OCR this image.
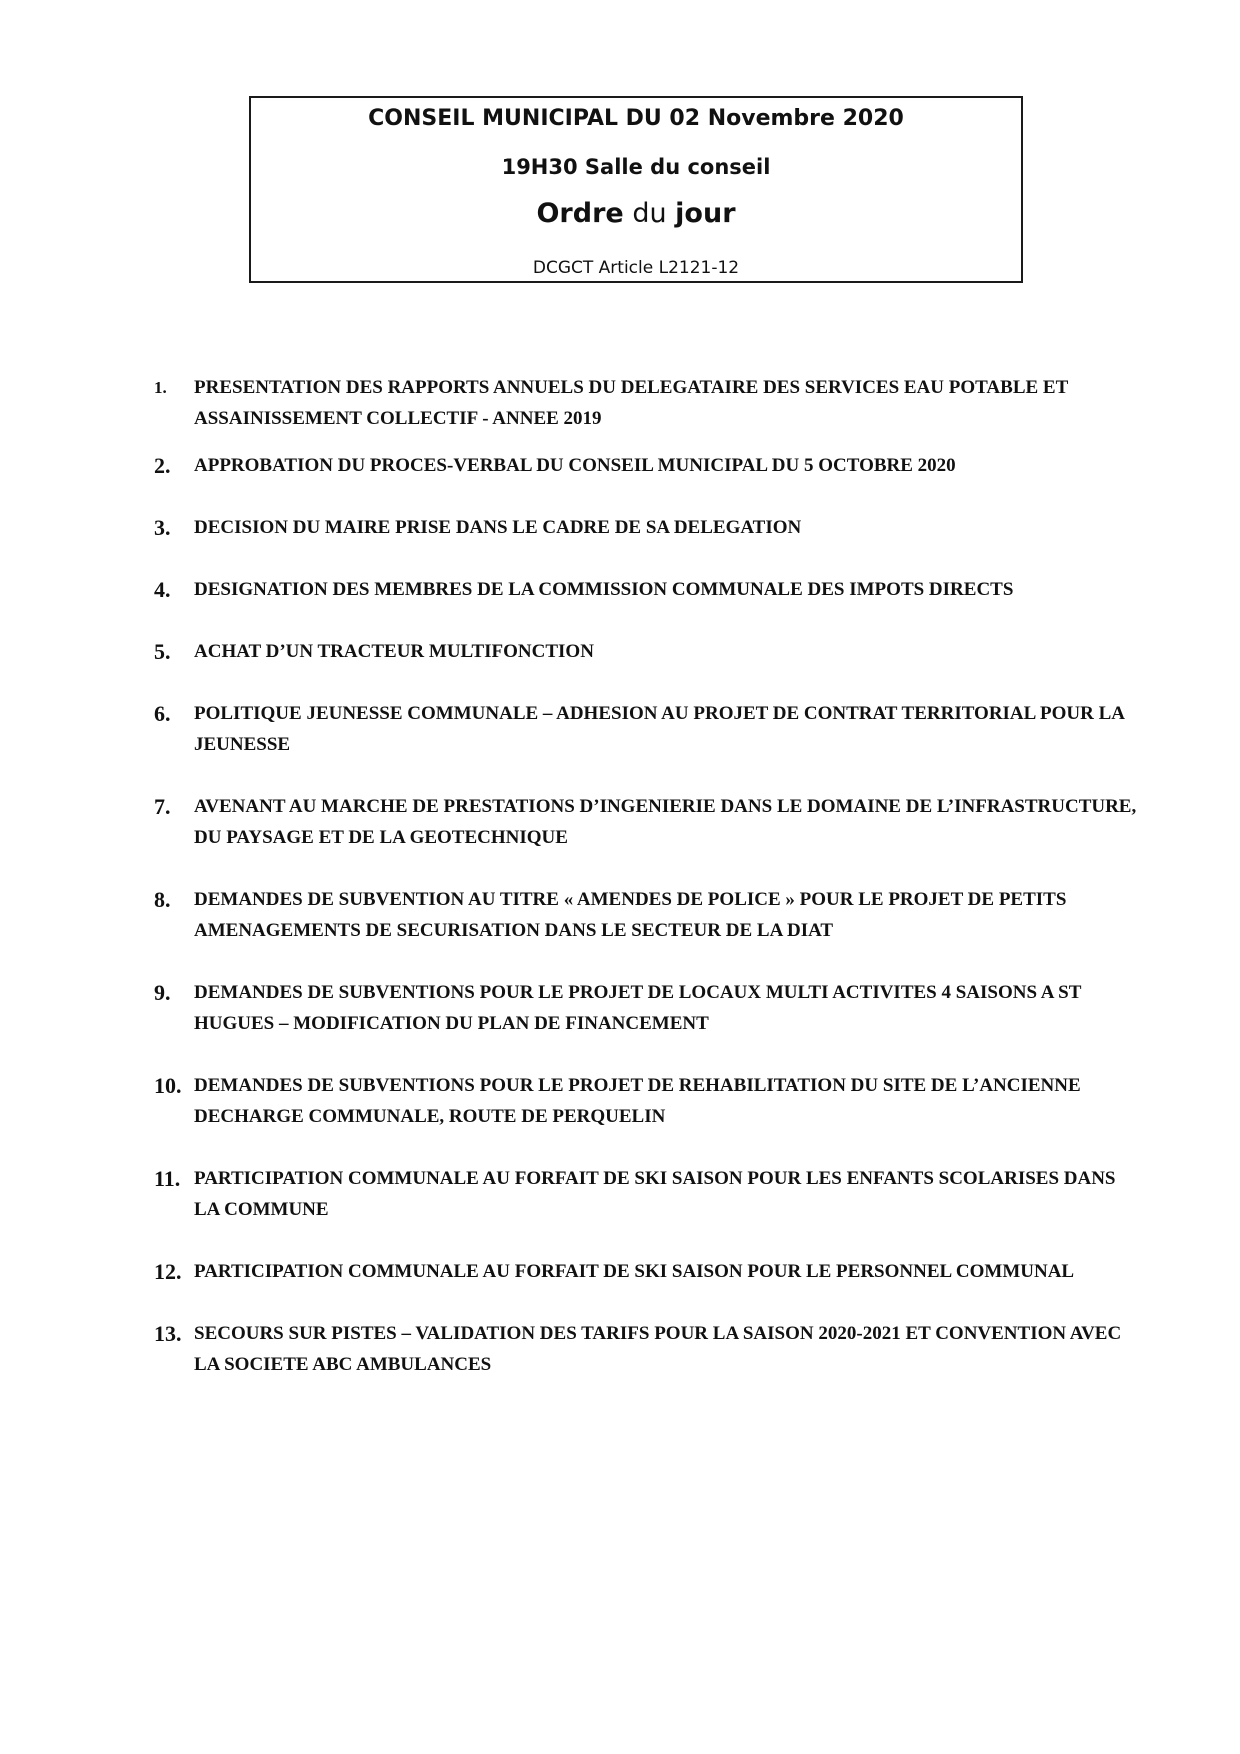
CONSEIL MUNICIPAL DU 02 Novembre 2020
19H30 Salle du conseil
Ordre du jour
DCGCT Article L2121-12
1.	PRESENTATION DES RAPPORTS ANNUELS DU DELEGATAIRE DES SERVICES EAU POTABLE ET ASSAINISSEMENT COLLECTIF - ANNEE 2019
2.	APPROBATION DU PROCES-VERBAL DU CONSEIL MUNICIPAL DU 5 OCTOBRE 2020
3.	DECISION DU MAIRE PRISE DANS LE CADRE DE SA DELEGATION
4.	DESIGNATION DES MEMBRES DE LA COMMISSION COMMUNALE DES IMPOTS DIRECTS
5.	ACHAT D’UN TRACTEUR MULTIFONCTION
6.	POLITIQUE JEUNESSE COMMUNALE – ADHESION AU PROJET DE CONTRAT TERRITORIAL POUR LA JEUNESSE
7.	AVENANT AU MARCHE DE PRESTATIONS D’INGENIERIE DANS LE DOMAINE DE L’INFRASTRUCTURE, DU PAYSAGE ET DE LA GEOTECHNIQUE
8.	DEMANDES DE SUBVENTION AU TITRE « AMENDES DE POLICE » POUR LE PROJET DE PETITS AMENAGEMENTS DE SECURISATION DANS LE SECTEUR DE LA DIAT
9.	DEMANDES DE SUBVENTIONS POUR LE PROJET DE LOCAUX MULTI ACTIVITES 4 SAISONS A ST HUGUES – MODIFICATION DU PLAN DE FINANCEMENT
10. DEMANDES DE SUBVENTIONS POUR LE PROJET DE REHABILITATION DU SITE DE L’ANCIENNE DECHARGE COMMUNALE, ROUTE DE PERQUELIN
11. PARTICIPATION COMMUNALE AU FORFAIT DE SKI SAISON POUR LES ENFANTS SCOLARISES DANS LA COMMUNE
12. PARTICIPATION COMMUNALE AU FORFAIT DE SKI SAISON POUR LE PERSONNEL COMMUNAL
13. SECOURS SUR PISTES – VALIDATION DES TARIFS POUR LA SAISON 2020-2021 ET CONVENTION AVEC LA SOCIETE ABC AMBULANCES
